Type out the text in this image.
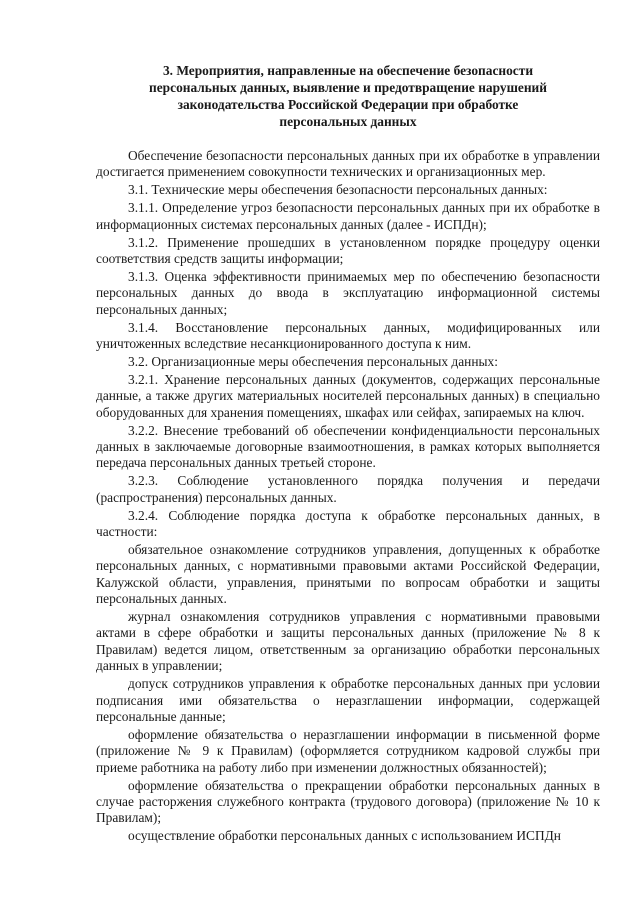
3. Мероприятия, направленные на обеспечение безопасности
персональных данных, выявление и предотвращение нарушений
законодательства Российской Федерации при обработке
персональных данных

Обеспечение безопасности персональных данных при их обработке в управлении достигается применением совокупности технических и организационных мер.

3.1. Технические меры обеспечения безопасности персональных данных:

3.1.1. Определение угроз безопасности персональных данных при их обработке в информационных системах персональных данных (далее - ИСПДн);

3.1.2. Применение прошедших в установленном порядке процедуру оценки соответствия средств защиты информации;

3.1.3. Оценка эффективности принимаемых мер по обеспечению безопасности персональных данных до ввода в эксплуатацию информационной системы персональных данных;

3.1.4. Восстановление персональных данных, модифицированных или уничтоженных вследствие несанкционированного доступа к ним.

3.2. Организационные меры обеспечения персональных данных:

3.2.1. Хранение персональных данных (документов, содержащих персональные данные, а также других материальных носителей персональных данных) в специально оборудованных для хранения помещениях, шкафах или сейфах, запираемых на ключ.

3.2.2. Внесение требований об обеспечении конфиденциальности персональных данных в заключаемые договорные взаимоотношения, в рамках которых выполняется передача персональных данных третьей стороне.

3.2.3. Соблюдение установленного порядка получения и передачи (распространения) персональных данных.

3.2.4. Соблюдение порядка доступа к обработке персональных данных, в частности:

обязательное ознакомление сотрудников управления, допущенных к обработке персональных данных, с нормативными правовыми актами Российской Федерации, Калужской области, управления, принятыми по вопросам обработки и защиты персональных данных.

журнал ознакомления сотрудников управления с нормативными правовыми актами в сфере обработки и защиты персональных данных (приложение № 8 к Правилам) ведется лицом, ответственным за организацию обработки персональных данных в управлении;

допуск сотрудников управления к обработке персональных данных при условии подписания ими обязательства о неразглашении информации, содержащей персональные данные;

оформление обязательства о неразглашении информации в письменной форме (приложение № 9 к Правилам) (оформляется сотрудником кадровой службы при приеме работника на работу либо при изменении должностных обязанностей);

оформление обязательства о прекращении обработки персональных данных в случае расторжения служебного контракта (трудового договора) (приложение № 10 к Правилам);

осуществление обработки персональных данных с использованием ИСПДн
